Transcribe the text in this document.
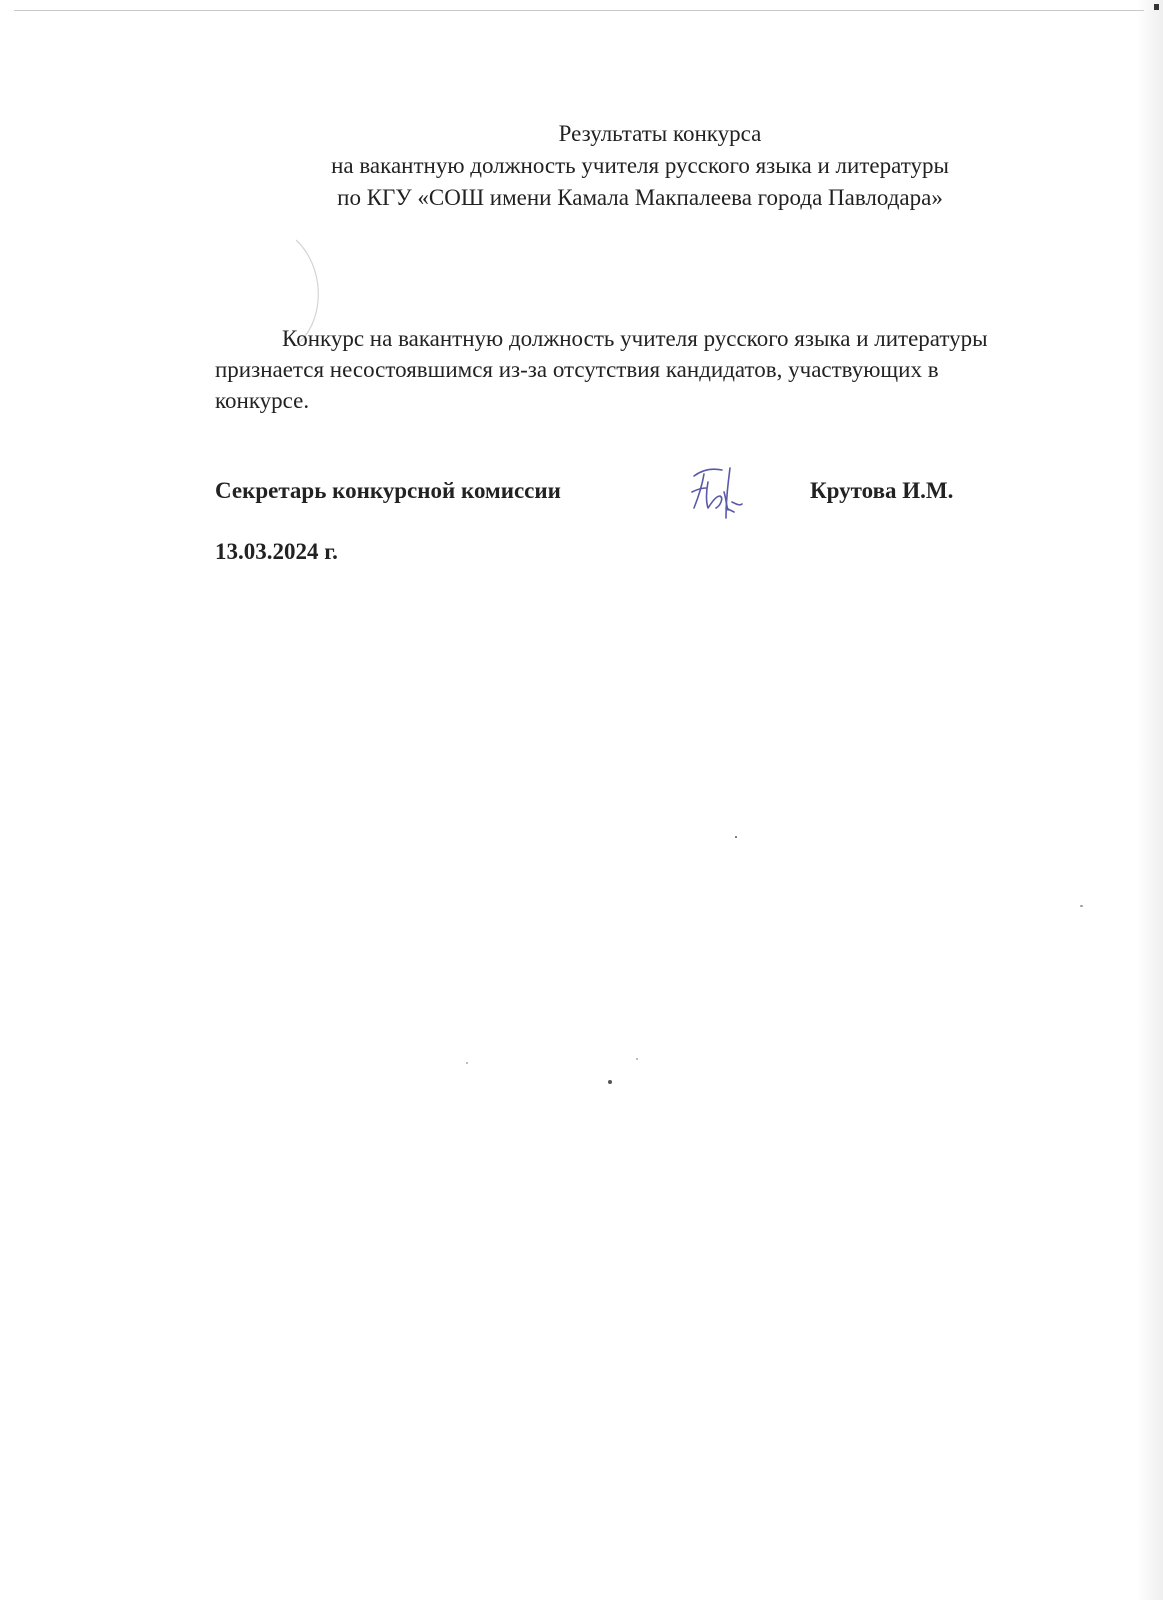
Результаты конкурса
на вакантную должность учителя русского языка и литературы
по КГУ «СОШ имени Камала Макпалеева города Павлодара»

Конкурс на вакантную должность учителя русского языка и литературы признается несостоявшимся из-за отсутствия кандидатов, участвующих в конкурсе.

Секретарь конкурсной комиссии	Крутова И.М.
13.03.2024 г.
